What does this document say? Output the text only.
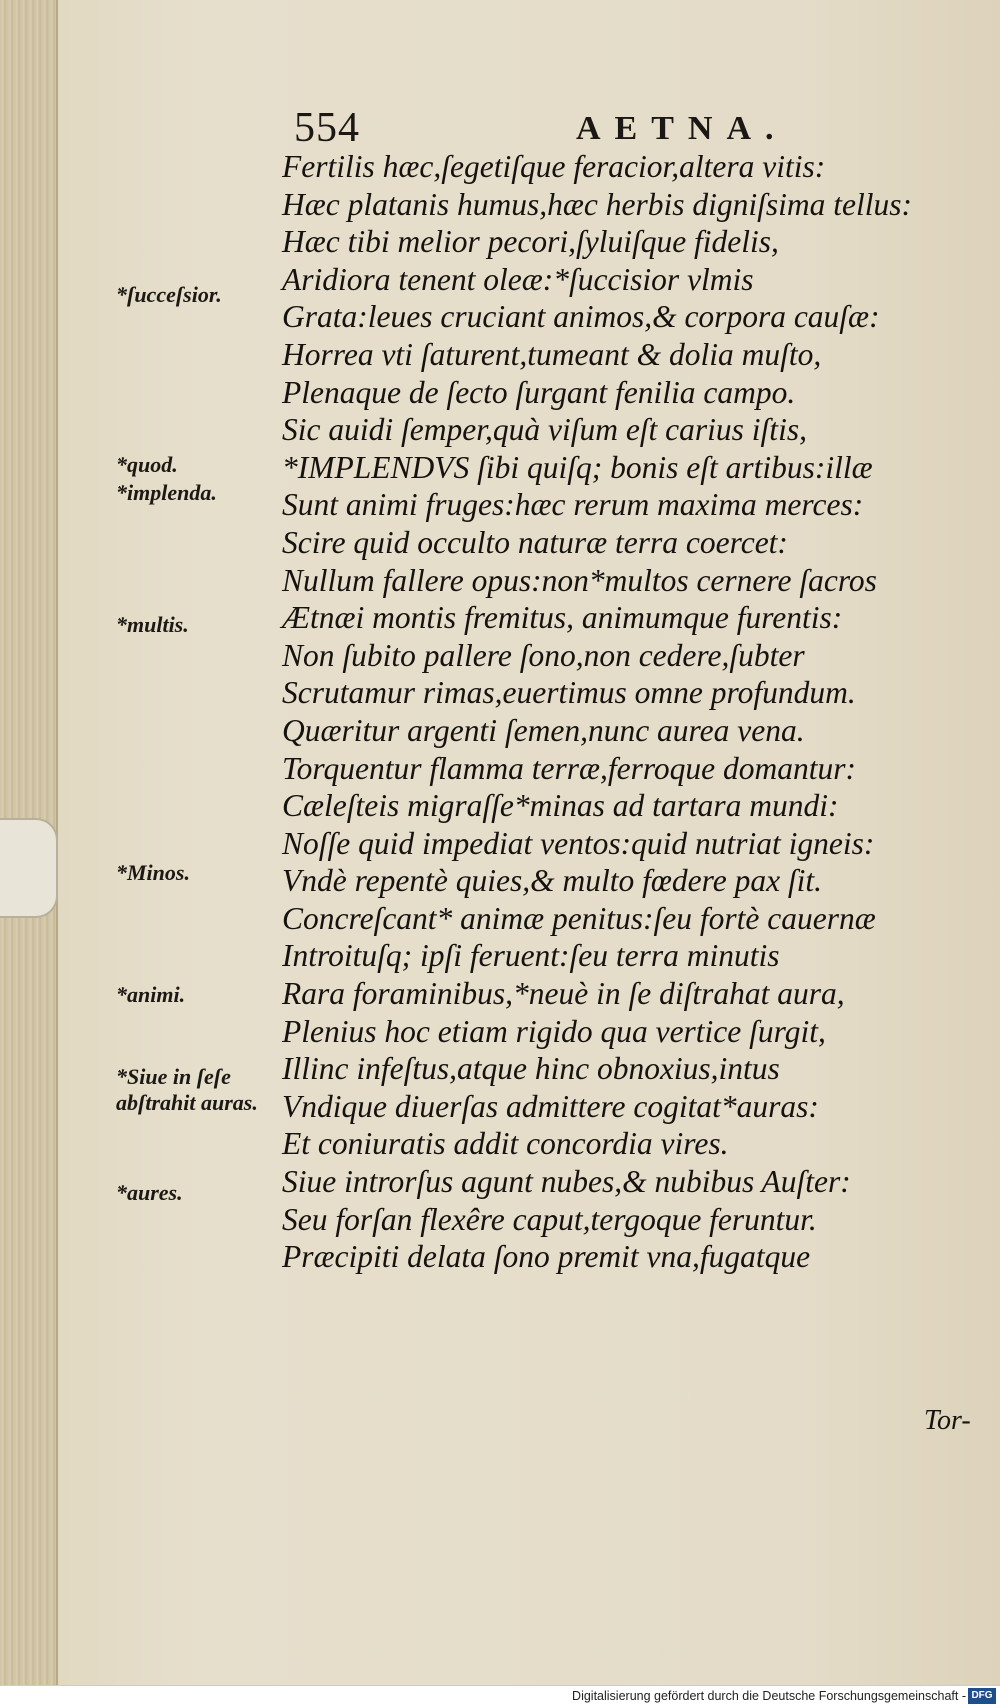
554	AETNA.
Fertilis hæc,ſegetiſque feracior,altera vitis:
Hæc platanis humus,hæc herbis digniſsima tellus:
Hæc tibi melior pecori,ſyluiſque fidelis,
Aridiora tenent oleæ:*ſuccisior vlmis
Grata:leues cruciant animos,& corpora cauſæ:
Horrea vti ſaturent,tumeant & dolia muſto,
Plenaque de ſecto ſurgant fenilia campo.
Sic auidi ſemper,quà viſum eſt carius iſtis,
*IMPLENDVS ſibi quiſq; bonis eſt artibus:illæ
Sunt animi fruges:hæc rerum maxima merces:
Scire quid occulto naturæ terra coercet:
Nullum fallere opus:non*multos cernere ſacros
Ætnæi montis fremitus, animumque furentis:
Non ſubito pallere ſono,non cedere,ſubter
Scrutamur rimas,euertimus omne profundum.
Quæritur argenti ſemen,nunc aurea vena.
Torquentur flamma terræ,ferroque domantur:
Cæleſteis migraſſe*minas ad tartara mundi:
Noſſe quid impediat ventos:quid nutriat igneis:
Vndè repentè quies,& multo fœdere pax ſit.
Concreſcant* animæ penitus:ſeu fortè cauernæ
Introituſq; ipſi feruent:ſeu terra minutis
Rara foraminibus,*neuè in ſe diſtrahat aura,
Plenius hoc etiam rigido qua vertice ſurgit,
Illinc infeſtus,atque hinc obnoxius,intus
Vndique diuerſas admittere cogitat*auras:
Et coniuratis addit concordia vires.
Siue introrſus agunt nubes,& nubibus Auſter:
Seu forſan flexêre caput,tergoque feruntur.
Præcipiti delata ſono premit vna,fugatque
*ſucceſsior.
*quod.
*implenda.
*multis.
*Minos.
*animi.
*Siue in ſeſe abſtrahit auras.
*aures.
Tor-
Digitalisierung gefördert durch die Deutsche Forschungsgemeinschaft - DFG
